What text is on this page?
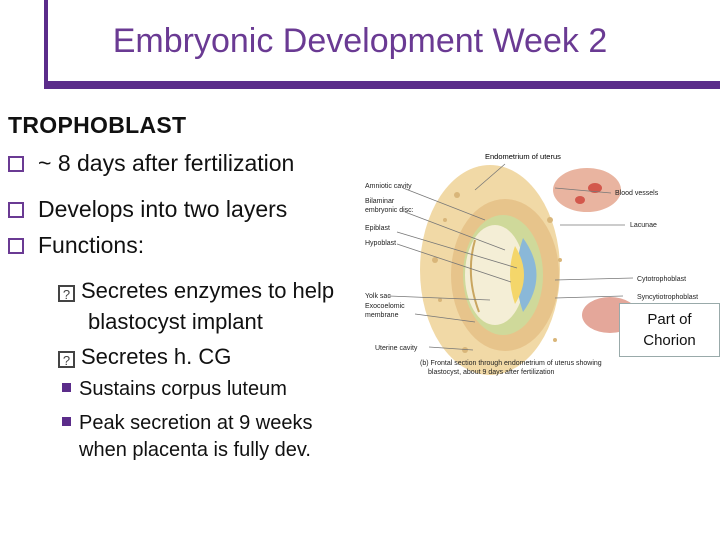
Embryonic Development Week 2
TROPHOBLAST
~ 8 days after fertilization
Develops into two layers
Functions:
? Secretes enzymes to help
blastocyst implant
? Secretes h. CG
Sustains corpus luteum
Peak secretion at 9 weeks
when placenta is fully dev.
Endometrium of uterus
Amniotic cavity
Bilaminar
embryonic disc:
Epiblast
Hypoblast
Yolk sac
Exocoelomic
membrane
Uterine cavity
Blood vessels
Lacunae
Cytotrophoblast
Syncytiotrophoblast
(b) Frontal section through endometrium of uterus showing
blastocyst, about 9 days after fertilization
Part of Chorion
